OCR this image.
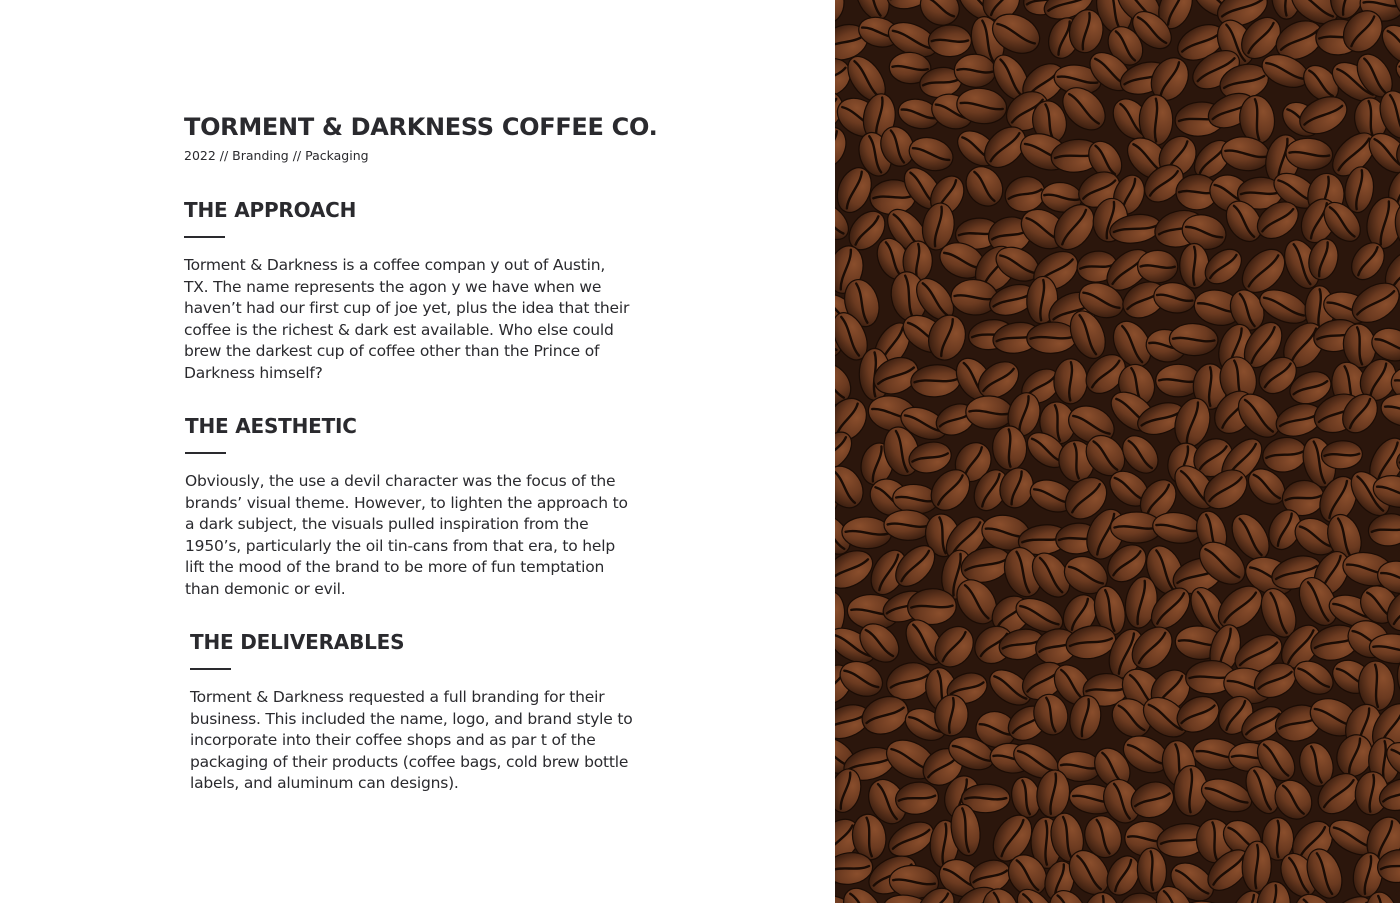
TORMENT & DARKNESS COFFEE CO.
2022 // Branding // Packaging
THE APPROACH

Torment & Darkness is a coffee compan y out of Austin, TX. The name represents the agon y we have when we haven’t had our first cup of joe yet, plus the idea that their coffee is the richest & dark est available. Who else could brew the darkest cup of coffee other than the Prince of Darkness himself?

THE AESTHETIC

Obviously, the use a devil character was the focus of the brands’ visual theme. However, to lighten the approach to a dark subject, the visuals pulled inspiration from the 1950’s, particularly the oil tin-cans from that era, to help lift the mood of the brand to be more of fun temptation than demonic or evil.

THE DELIVERABLES

Torment & Darkness requested a full branding for their business. This included the name, logo, and brand style to incorporate into their coffee shops and as par t of the packaging of their products (coffee bags, cold brew bottle labels, and aluminum can designs).
